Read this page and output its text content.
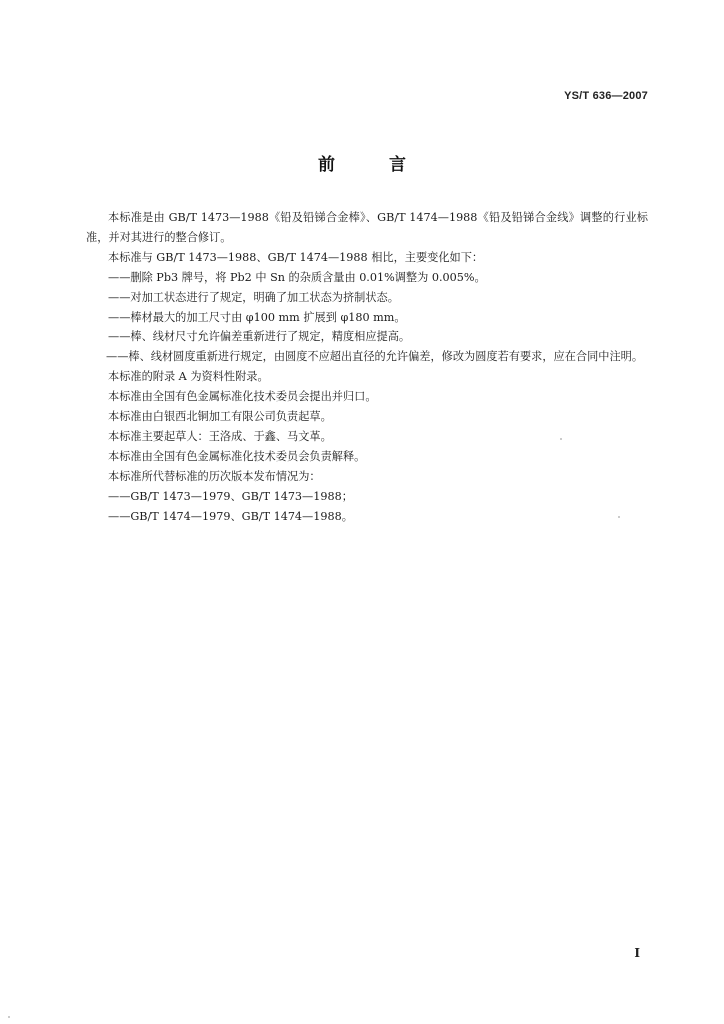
YS/T 636—2007
前 言

本标准是由 GB/T 1473—1988《铅及铅锑合金棒》、GB/T 1474—1988《铅及铅锑合金线》调整的行业标准，并对其进行的整合修订。

本标准与 GB/T 1473—1988、GB/T 1474—1988 相比，主要变化如下：

——删除 Pb3 牌号，将 Pb2 中 Sn 的杂质含量由 0.01%调整为 0.005%。

——对加工状态进行了规定，明确了加工状态为挤制状态。

——棒材最大的加工尺寸由 φ100 mm 扩展到 φ180 mm。

——棒、线材尺寸允许偏差重新进行了规定，精度相应提高。

——棒、线材圆度重新进行规定，由圆度不应超出直径的允许偏差，修改为圆度若有要求，应在合同中注明。

本标准的附录 A 为资料性附录。

本标准由全国有色金属标准化技术委员会提出并归口。

本标准由白银西北铜加工有限公司负责起草。

本标准主要起草人：王洛成、于鑫、马文革。

本标准由全国有色金属标准化技术委员会负责解释。

本标准所代替标准的历次版本发布情况为：

——GB/T 1473—1979、GB/T 1473—1988；

——GB/T 1474—1979、GB/T 1474—1988。

I
